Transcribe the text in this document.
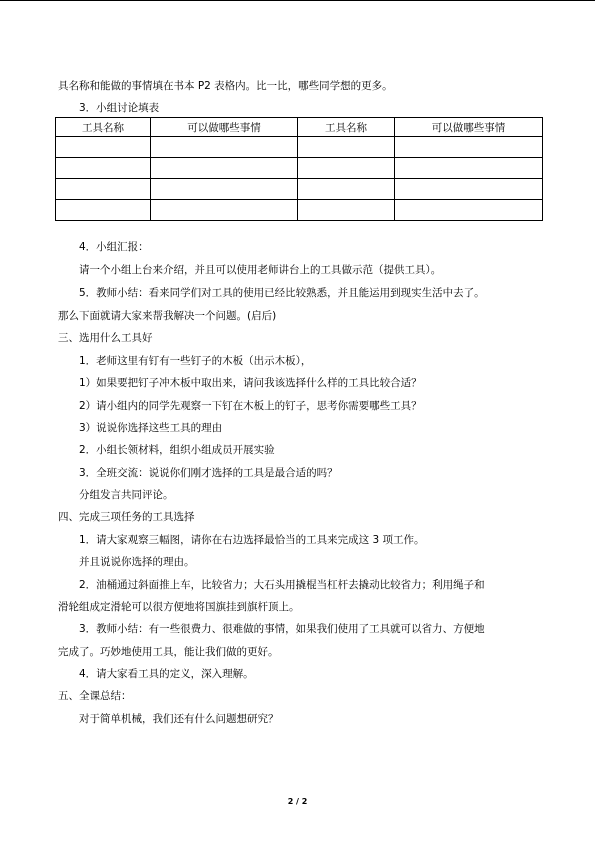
具名称和能做的事情填在书本 P2 表格内。比一比，哪些同学想的更多。
3．小组讨论填表
工具名称	可以做哪些事情	工具名称	可以做哪些事情

4．小组汇报：
请一个小组上台来介绍，并且可以使用老师讲台上的工具做示范（提供工具）。
5．教师小结：看来同学们对工具的使用已经比较熟悉，并且能运用到现实生活中去了。
那么下面就请大家来帮我解决一个问题。(启后)
三、选用什么工具好
1．老师这里有钉有一些钉子的木板（出示木板），
1）如果要把钉子冲木板中取出来，请问我该选择什么样的工具比较合适？
2）请小组内的同学先观察一下钉在木板上的钉子，思考你需要哪些工具？
3）说说你选择这些工具的理由
2．小组长领材料，组织小组成员开展实验
3．全班交流：说说你们刚才选择的工具是最合适的吗？
分组发言共同评论。
四、完成三项任务的工具选择
1．请大家观察三幅图，请你在右边选择最恰当的工具来完成这 3 项工作。
并且说说你选择的理由。
2．油桶通过斜面推上车，比较省力；大石头用撬棍当杠杆去撬动比较省力；利用绳子和
滑轮组成定滑轮可以很方便地将国旗挂到旗杆顶上。
3．教师小结：有一些很费力、很难做的事情，如果我们使用了工具就可以省力、方便地
完成了。巧妙地使用工具，能让我们做的更好。
4．请大家看工具的定义，深入理解。
五、全课总结：
对于简单机械，我们还有什么问题想研究？
2 / 2
